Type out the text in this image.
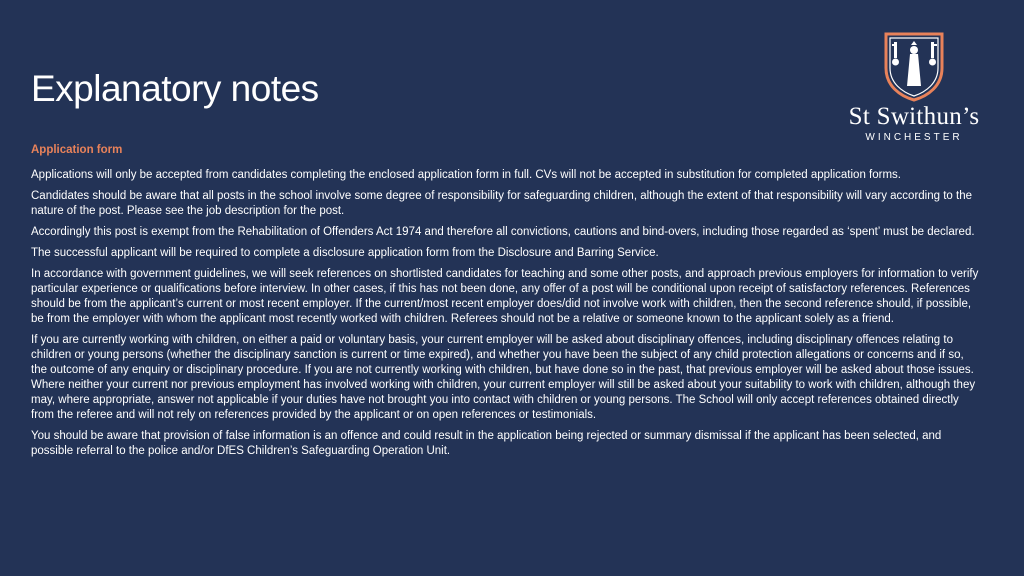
Explanatory notes
St Swithun’s
WINCHESTER
Application form

Applications will only be accepted from candidates completing the enclosed application form in full. CVs will not be accepted in substitution for completed application forms.

Candidates should be aware that all posts in the school involve some degree of responsibility for safeguarding children, although the extent of that responsibility will vary according to the nature of the post. Please see the job description for the post.

Accordingly this post is exempt from the Rehabilitation of Offenders Act 1974 and therefore all convictions, cautions and bind-overs, including those regarded as ‘spent’ must be declared.

The successful applicant will be required to complete a disclosure application form from the Disclosure and Barring Service.

In accordance with government guidelines, we will seek references on shortlisted candidates for teaching and some other posts, and approach previous employers for information to verify particular experience or qualifications before interview. In other cases, if this has not been done, any offer of a post will be conditional upon receipt of satisfactory references. References should be from the applicant’s current or most recent employer. If the current/most recent employer does/did not involve work with children, then the second reference should, if possible, be from the employer with whom the applicant most recently worked with children. Referees should not be a relative or someone known to the applicant solely as a friend.

If you are currently working with children, on either a paid or voluntary basis, your current employer will be asked about disciplinary offences, including disciplinary offences relating to children or young persons (whether the disciplinary sanction is current or time expired), and whether you have been the subject of any child protection allegations or concerns and if so, the outcome of any enquiry or disciplinary procedure. If you are not currently working with children, but have done so in the past, that previous employer will be asked about those issues. Where neither your current nor previous employment has involved working with children, your current employer will still be asked about your suitability to work with children, although they may, where appropriate, answer not applicable if your duties have not brought you into contact with children or young persons. The School will only accept references obtained directly from the referee and will not rely on references provided by the applicant or on open references or testimonials.

You should be aware that provision of false information is an offence and could result in the application being rejected or summary dismissal if the applicant has been selected, and possible referral to the police and/or DfES Children’s Safeguarding Operation Unit.
